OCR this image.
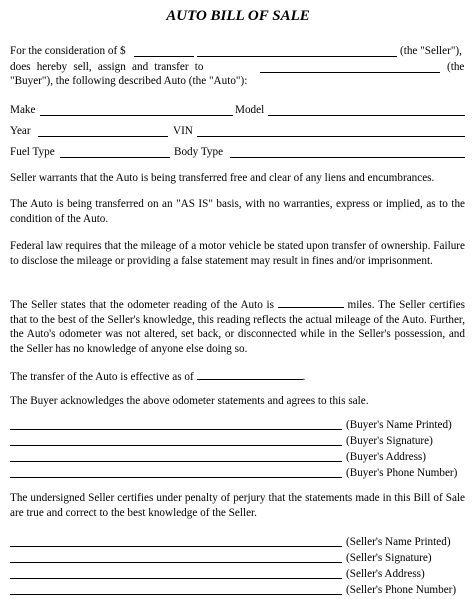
AUTO BILL OF SALE
For the consideration of $	(the "Seller"),
does hereby sell, assign and transfer to	(the
"Buyer"), the following described Auto (the "Auto"):
Make	Model
Year	VIN
Fuel Type	Body Type

Seller warrants that the Auto is being transferred free and clear of any liens and encumbrances.

The Auto is being transferred on an "AS IS" basis, with no warranties, express or implied, as to the condition of the Auto.

Federal law requires that the mileage of a motor vehicle be stated upon transfer of ownership. Failure to disclose the mileage or providing a false statement may result in fines and/or imprisonment.

The Seller states that the odometer reading of the Auto is	miles. The Seller certifies that to the best of the Seller's knowledge, this reading reflects the actual mileage of the Auto. Further, the Auto's odometer was not altered, set back, or disconnected while in the Seller's possession, and the Seller has no knowledge of anyone else doing so.

The transfer of the Auto is effective as of	.

The Buyer acknowledges the above odometer statements and agrees to this sale.

(Buyer's Name Printed)
(Buyer's Signature)
(Buyer's Address)
(Buyer's Phone Number)

The undersigned Seller certifies under penalty of perjury that the statements made in this Bill of Sale are true and correct to the best knowledge of the Seller.

(Seller's Name Printed)
(Seller's Signature)
(Seller's Address)
(Seller's Phone Number)
